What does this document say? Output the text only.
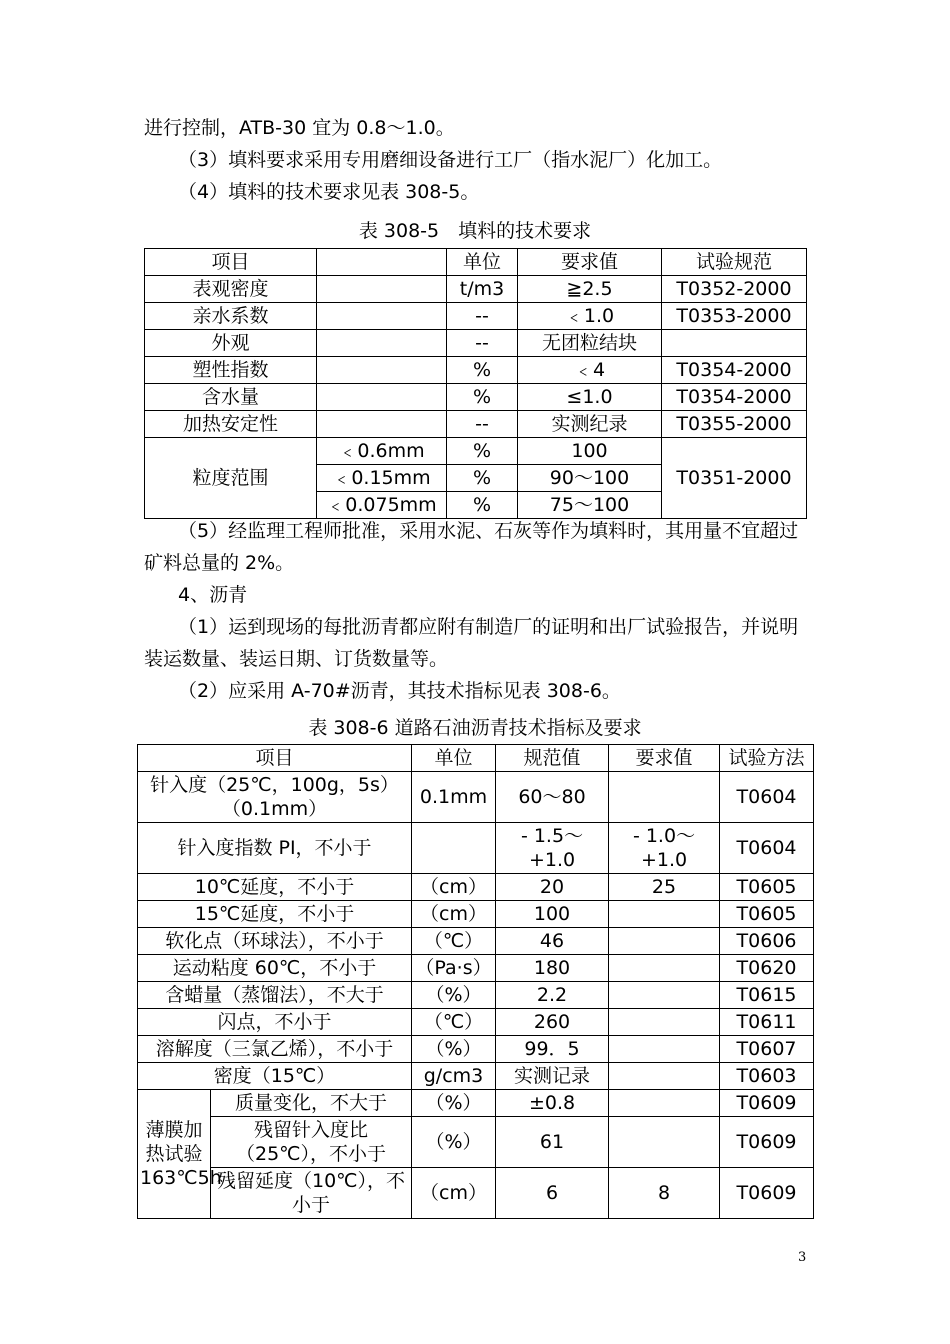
进行控制，ATB-30 宜为 0.8～1.0。

（3）填料要求采用专用磨细设备进行工厂（指水泥厂）化加工。

（4）填料的技术要求见表 308-5。

表 308-5　填料的技术要求
项目		单位	要求值	试验规范
表观密度		t/m3	≧2.5	T0352-2000
亲水系数		--	﹤1.0	T0353-2000
外观		--	无团粒结块	
塑性指数		%	﹤4	T0354-2000
含水量		%	≤1.0	T0354-2000
加热安定性		--	实测纪录	T0355-2000
粒度范围	﹤0.6mm	%	100	T0351-2000
	﹤0.15mm	%	90～100	
	﹤0.075mm	%	75～100	

（5）经监理工程师批准，采用水泥、石灰等作为填料时，其用量不宜超过矿料总量的 2%。

4、沥青

（1）运到现场的每批沥青都应附有制造厂的证明和出厂试验报告，并说明装运数量、装运日期、订货数量等。

（2）应采用 A-70#沥青，其技术指标见表 308-6。

表 308-6 道路石油沥青技术指标及要求
项目		单位	规范值	要求值	试验方法
针入度（25℃，100g，5s）（0.1mm）		0.1mm	60～80		T0604
针入度指数 PI，不小于			- 1.5～+1.0	- 1.0～+1.0	T0604
10℃延度，不小于		（cm）	20	25	T0605
15℃延度，不小于		（cm）	100		T0605
软化点（环球法），不小于		（℃）	46		T0606
运动粘度 60℃，不小于		（Pa·s）	180		T0620
含蜡量（蒸馏法），不大于		（%）	2.2		T0615
闪点，不小于		（℃）	260		T0611
溶解度（三氯乙烯），不小于		（%）	99．5		T0607
密度（15℃）		g/cm3	实测记录		T0603
薄膜加热试验163℃5h	质量变化，不大于	（%）	±0.8		T0609
	残留针入度比（25℃），不小于	（%）	61		T0609
	残留延度（10℃），不小于	（cm）	6	8	T0609
3
